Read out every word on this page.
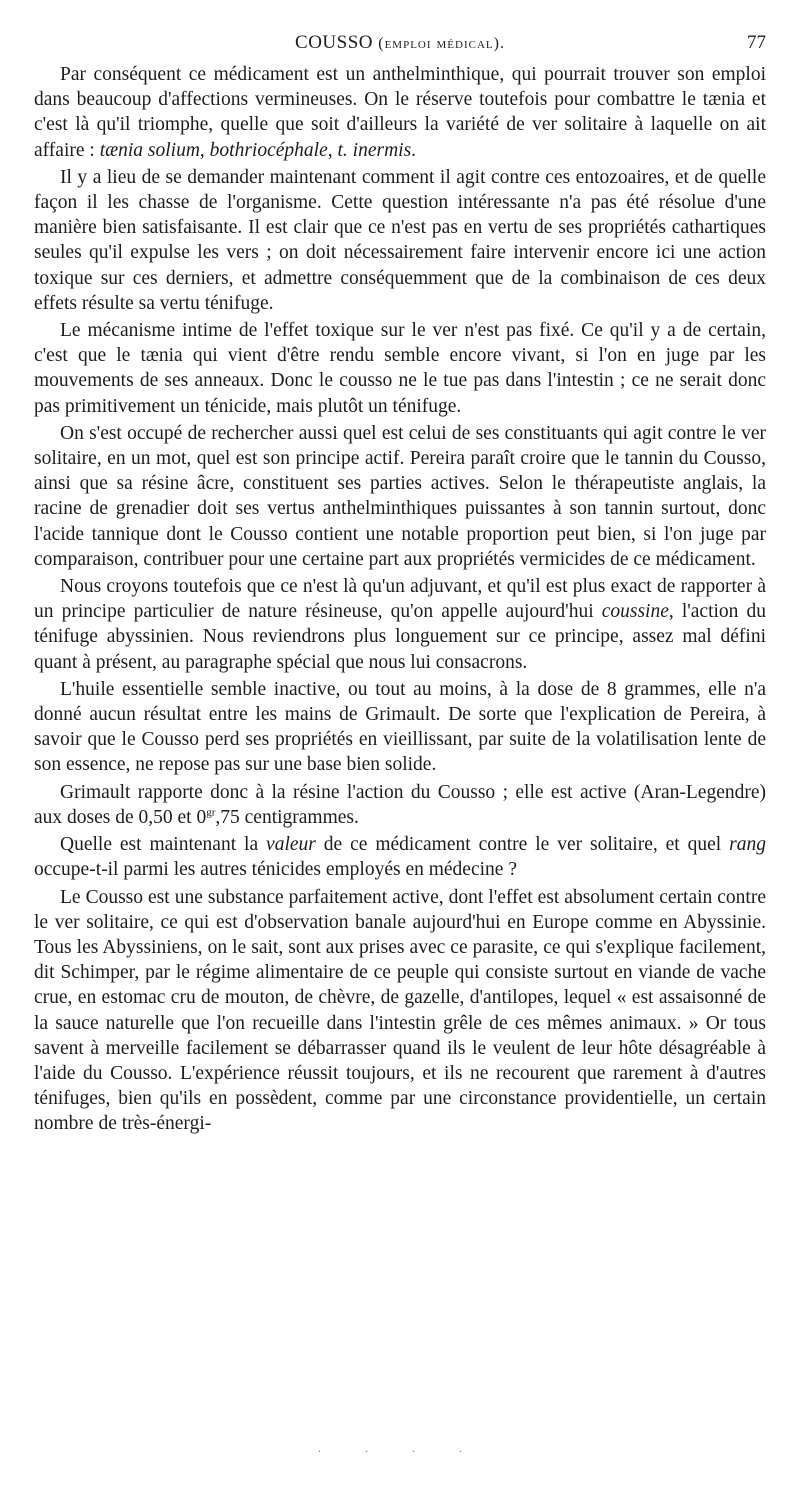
COUSSO (emploi médical).	77

Par conséquent ce médicament est un anthelminthique, qui pourrait trouver son emploi dans beaucoup d'affections vermineuses. On le réserve toutefois pour combattre le tænia et c'est là qu'il triomphe, quelle que soit d'ailleurs la variété de ver solitaire à laquelle on ait affaire : tænia solium, bothriocéphale, t. inermis.

Il y a lieu de se demander maintenant comment il agit contre ces entozoaires, et de quelle façon il les chasse de l'organisme. Cette question intéressante n'a pas été résolue d'une manière bien satisfaisante. Il est clair que ce n'est pas en vertu de ses propriétés cathartiques seules qu'il expulse les vers ; on doit nécessairement faire intervenir encore ici une action toxique sur ces derniers, et admettre conséquemment que de la combinaison de ces deux effets résulte sa vertu ténifuge.

Le mécanisme intime de l'effet toxique sur le ver n'est pas fixé. Ce qu'il y a de certain, c'est que le tænia qui vient d'être rendu semble encore vivant, si l'on en juge par les mouvements de ses anneaux. Donc le cousso ne le tue pas dans l'intestin ; ce ne serait donc pas primitivement un ténicide, mais plutôt un ténifuge.

On s'est occupé de rechercher aussi quel est celui de ses constituants qui agit contre le ver solitaire, en un mot, quel est son principe actif. Pereira paraît croire que le tannin du Cousso, ainsi que sa résine âcre, constituent ses parties actives. Selon le thérapeutiste anglais, la racine de grenadier doit ses vertus anthelminthiques puissantes à son tannin surtout, donc l'acide tannique dont le Cousso contient une notable proportion peut bien, si l'on juge par comparaison, contribuer pour une certaine part aux propriétés vermicides de ce médicament.

Nous croyons toutefois que ce n'est là qu'un adjuvant, et qu'il est plus exact de rapporter à un principe particulier de nature résineuse, qu'on appelle aujourd'hui coussine, l'action du ténifuge abyssinien. Nous reviendrons plus longuement sur ce principe, assez mal défini quant à présent, au paragraphe spécial que nous lui consacrons.

L'huile essentielle semble inactive, ou tout au moins, à la dose de 8 grammes, elle n'a donné aucun résultat entre les mains de Grimault. De sorte que l'explication de Pereira, à savoir que le Cousso perd ses propriétés en vieillissant, par suite de la volatilisation lente de son essence, ne repose pas sur une base bien solide.

Grimault rapporte donc à la résine l'action du Cousso ; elle est active (Aran-Legendre) aux doses de 0,50 et $0^{gr},75$ centigrammes.

Quelle est maintenant la valeur de ce médicament contre le ver solitaire, et quel rang occupe-t-il parmi les autres ténicides employés en médecine ?

Le Cousso est une substance parfaitement active, dont l'effet est absolument certain contre le ver solitaire, ce qui est d'observation banale aujourd'hui en Europe comme en Abyssinie. Tous les Abyssiniens, on le sait, sont aux prises avec ce parasite, ce qui s'explique facilement, dit Schimper, par le régime alimentaire de ce peuple qui consiste surtout en viande de vache crue, en estomac cru de mouton, de chèvre, de gazelle, d'antilopes, lequel « est assaisonné de la sauce naturelle que l'on recueille dans l'intestin grêle de ces mêmes animaux. » Or tous savent à merveille facilement se débarrasser quand ils le veulent de leur hôte désagréable à l'aide du Cousso. L'expérience réussit toujours, et ils ne recourent que rarement à d'autres ténifuges, bien qu'ils en possèdent, comme par une circonstance providentielle, un certain nombre de très-énergi-

· · · ·
